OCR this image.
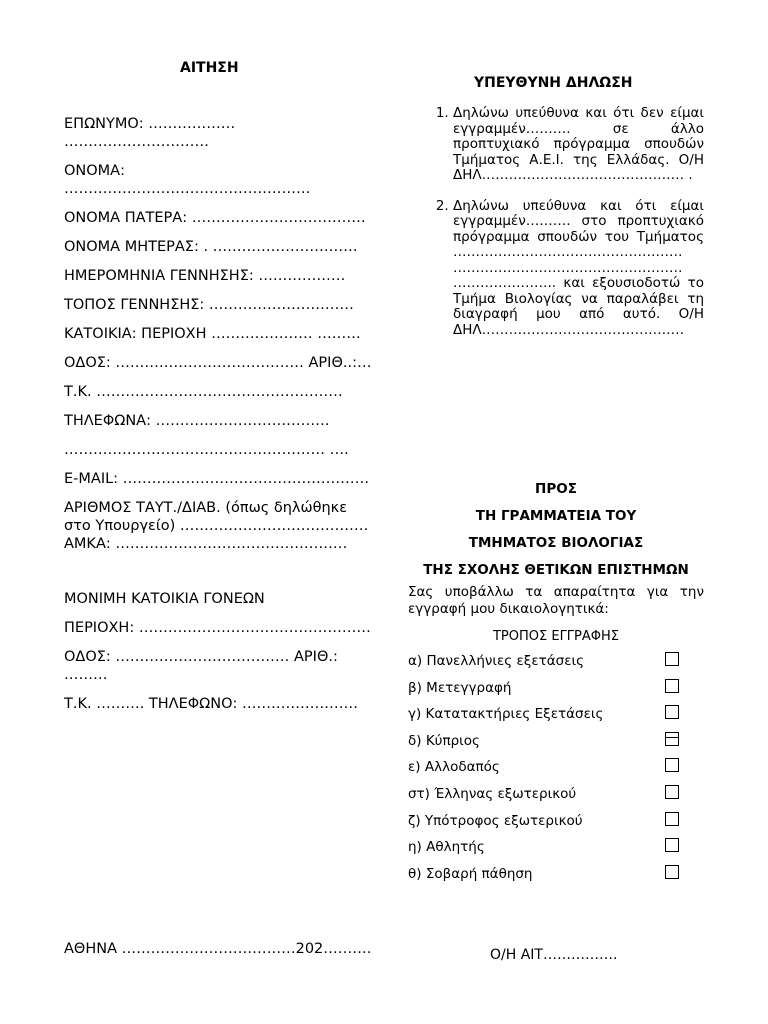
ΑΙΤΗΣΗ
ΕΠΩΝΥΜΟ: ……………… …………………………
ΟΝΟΜΑ: ……………………………………………
ΟΝΟΜΑ ΠΑΤΕΡΑ: ………………………………
ΟΝΟΜΑ ΜΗΤΕΡΑΣ: . …………………………
ΗΜΕΡΟΜΗΝΙΑ ΓΕΝΝΗΣΗΣ: ………………
ΤΟΠΟΣ ΓΕΝΝΗΣΗΣ: …………………………
ΚΑΤΟΙΚΙΑ: ΠΕΡΙΟΧΗ ………………… ………
ΟΔΟΣ: ………………………………… ΑΡΙΘ..:…
Τ.Κ. ……………………………………………
ΤΗΛΕΦΩΝΑ: ………………………………
……………………………………………… ….
E-MAIL: ……………………………………………
ΑΡΙΘΜΟΣ ΤΑΥΤ./ΔΙΑΒ. (όπως δηλώθηκε στο Υπουργείο) ………………………………… ΑΜΚΑ: …………………………………………
ΜΟΝΙΜΗ ΚΑΤΟΙΚΙΑ ΓΟΝΕΩΝ
ΠΕΡΙΟΧΗ: …………………………………………
ΟΔΟΣ: ……………………………… ΑΡΙΘ.: ………
Τ.Κ. ………. ΤΗΛΕΦΩΝΟ: ……………………
ΑΘΗΝΑ ………………………………202……….
ΥΠΕΥΘΥΝΗ ΔΗΛΩΣΗ
1. Δηλώνω υπεύθυνα και ότι δεν είμαι εγγραμμέν………. σε άλλο προπτυχιακό πρόγραμμα σπουδών Τμήματος Α.Ε.Ι. της Ελλάδας. Ο/Η ΔΗΛ……………………………………… .
2. Δηλώνω υπεύθυνα και ότι είμαι εγγραμμέν………. στο προπτυχιακό πρόγραμμα σπουδών του Τμήματος …………………………………………… …………………………………………… ………………….. και εξουσιοδοτώ το Τμήμα Βιολογίας να παραλάβει τη διαγραφή μου από αυτό. Ο/Η ΔΗΛ………………………………………
ΠΡΟΣ
ΤΗ ΓΡΑΜΜΑΤΕΙΑ ΤΟΥ
ΤΜΗΜΑΤΟΣ ΒΙΟΛΟΓΙΑΣ
ΤΗΣ ΣΧΟΛΗΣ ΘΕΤΙΚΩΝ ΕΠΙΣΤΗΜΩΝ
Σας υποβάλλω τα απαραίτητα για την εγγραφή μου δικαιολογητικά:
ΤΡΟΠΟΣ ΕΓΓΡΑΦΗΣ
α) Πανελλήνιες εξετάσεις
β) Μετεγγραφή
γ) Κατατακτήριες Εξετάσεις
δ) Κύπριος
ε) Αλλοδαπός
στ) Έλληνας εξωτερικού
ζ) Υπότροφος εξωτερικού
η) Αθλητής
θ) Σοβαρή πάθηση
Ο/Η ΑΙΤ…………….
